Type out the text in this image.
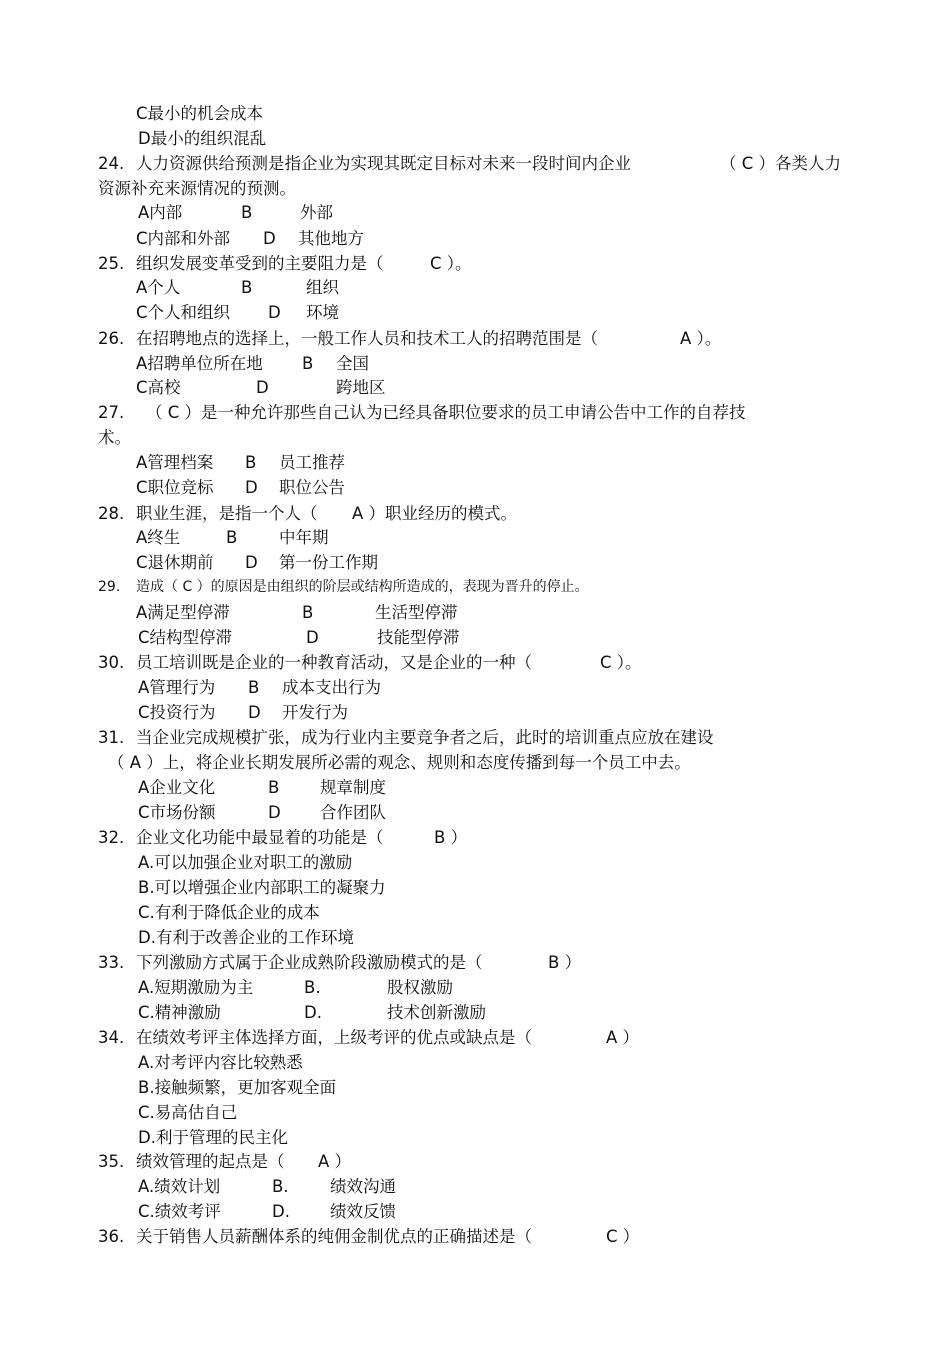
C最小的机会成本
D最小的组织混乱
24. 人力资源供给预测是指企业为实现其既定目标对未来一段时间内企业	（ C ）各类人力
资源补充来源情况的预测。
A内部	B	外部
C内部和外部 D 其他地方
25. 组织发展变革受到的主要阻力是（	C ）。
A个人	B	组织
C个人和组织 D 环境
26. 在招聘地点的选择上，一般工作人员和技术工人的招聘范围是（	A ）。
A招聘单位所在地 B 全国
C高校	D	跨地区
27. （ C ）是一种允许那些自己认为已经具备职位要求的员工申请公告中工作的自荐技
术。
A管理档案 B 员工推荐
C职位竞标 D 职位公告
28. 职业生涯，是指一个人（ A ）职业经历的模式。
A终生	B	中年期
C退休期前 D 第一份工作期
29. 造成（ C ）的原因是由组织的阶层或结构所造成的，表现为晋升的停止。
A满足型停滞	B	生活型停滞
C结构型停滞	D	技能型停滞
30. 员工培训既是企业的一种教育活动，又是企业的一种（	C ）。
A管理行为 B 成本支出行为
C投资行为 D 开发行为
31. 当企业完成规模扩张，成为行业内主要竞争者之后，此时的培训重点应放在建设
（ A ）上，将企业长期发展所必需的观念、规则和态度传播到每一个员工中去。
A企业文化	B 规章制度
C市场份额	D 合作团队
32. 企业文化功能中最显着的功能是（	B ）
A.可以加强企业对职工的激励
B.可以增强企业内部职工的凝聚力
C.有利于降低企业的成本
D.有利于改善企业的工作环境
33. 下列激励方式属于企业成熟阶段激励模式的是（	B ）
A.短期激励为主	B.	股权激励
C.精神激励	D.	技术创新激励
34. 在绩效考评主体选择方面，上级考评的优点或缺点是（	A ）
A.对考评内容比较熟悉
B.接触频繁，更加客观全面
C.易高估自己
D.利于管理的民主化
35. 绩效管理的起点是（ A ）
A.绩效计划	B.	绩效沟通
C.绩效考评	D. 绩效反馈
36. 关于销售人员薪酬体系的纯佣金制优点的正确描述是（	C ）
